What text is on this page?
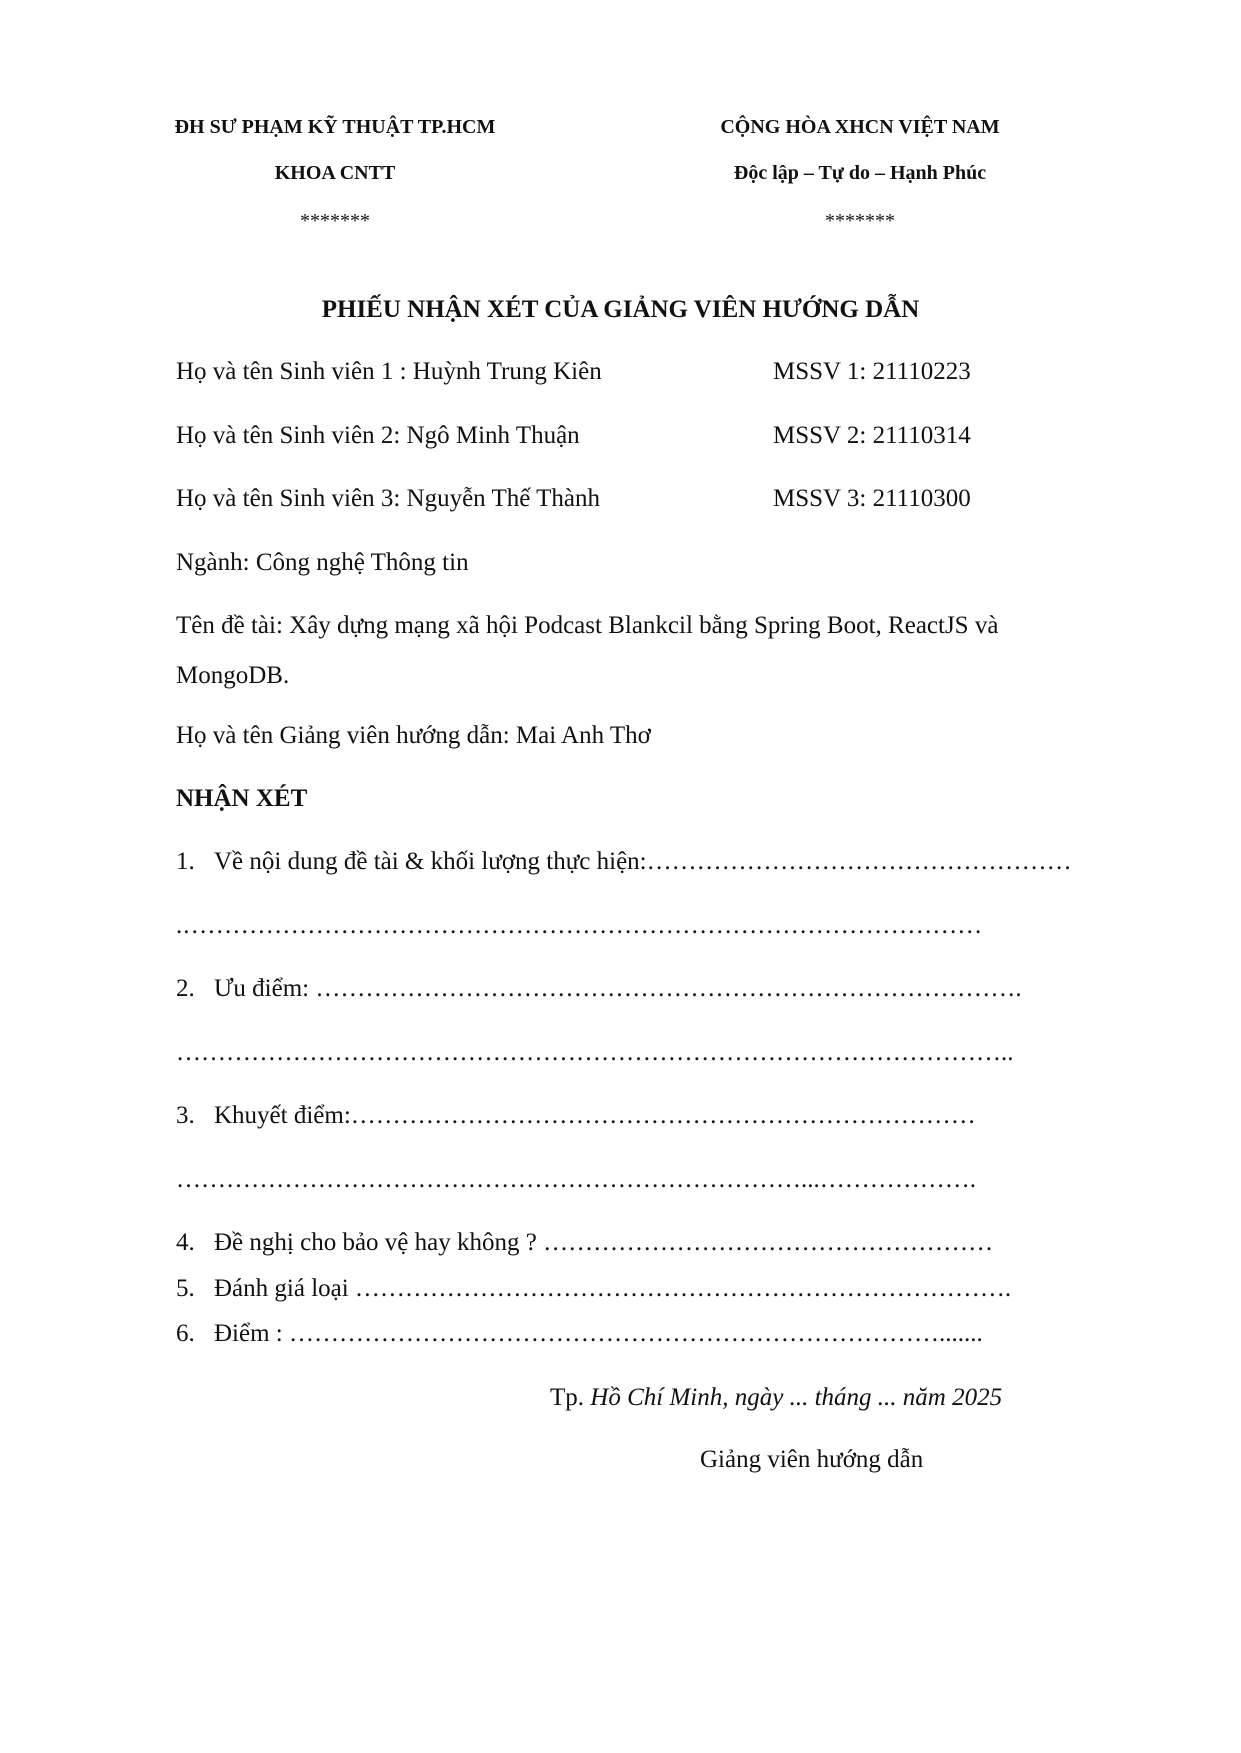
ĐH SƯ PHẠM KỸ THUẬT TP.HCM
KHOA CNTT
*******
CỘNG HÒA XHCN VIỆT NAM
Độc lập – Tự do – Hạnh Phúc
*******
PHIẾU NHẬN XÉT CỦA GIẢNG VIÊN HƯỚNG DẪN
Họ và tên Sinh viên 1 : Huỳnh Trung Kiên	MSSV 1: 21110223
Họ và tên Sinh viên 2: Ngô Minh Thuận	MSSV 2: 21110314
Họ và tên Sinh viên 3: Nguyễn Thế Thành	MSSV 3: 21110300
Ngành: Công nghệ Thông tin
Tên đề tài: Xây dựng mạng xã hội Podcast Blankcil bằng Spring Boot, ReactJS và
MongoDB.
Họ và tên Giảng viên hướng dẫn: Mai Anh Thơ
NHẬN XÉT
1. Về nội dung đề tài & khối lượng thực hiện:……………………………………………
.……………………………………………………………………………………
2. Ưu điểm: ………………………………………………………………………….
………………………………………………………………………………………..
3. Khuyết điểm:…………………………………………………………………
…………………………………………………………………...……………….
4. Đề nghị cho bảo vệ hay không ? ………………………………………………
5. Đánh giá loại …………………………………………………………………….
6. Điểm : …………………………………………………………………….......
Tp. Hồ Chí Minh, ngày ... tháng ... năm 2025
Giảng viên hướng dẫn
